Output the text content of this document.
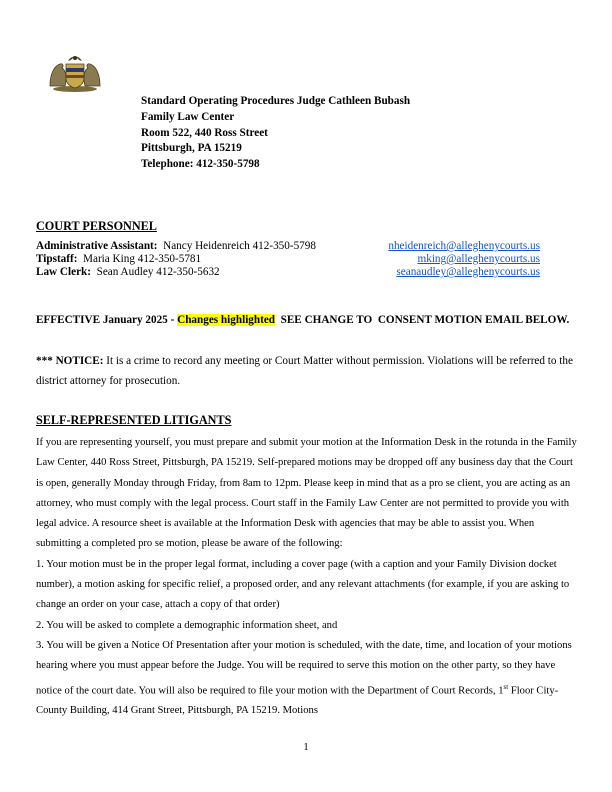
Standard Operating Procedures Judge Cathleen Bubash
Family Law Center
Room 522, 440 Ross Street
Pittsburgh, PA 15219
Telephone: 412-350-5798
COURT PERSONNEL
Administrative Assistant:  Nancy Heidenreich 412-350-5798	nheidenreich@alleghenycourts.us
Tipstaff:  Maria King 412-350-5781	mking@alleghenycourts.us
Law Clerk:  Sean Audley 412-350-5632	seanaudley@alleghenycourts.us
EFFECTIVE January 2025 - Changes highlighted  SEE CHANGE TO  CONSENT MOTION EMAIL BELOW.
*** NOTICE: It is a crime to record any meeting or Court Matter without permission. Violations will be referred to the district attorney for prosecution.
SELF-REPRESENTED LITIGANTS

If you are representing yourself, you must prepare and submit your motion at the Information Desk in the rotunda in the Family Law Center, 440 Ross Street, Pittsburgh, PA 15219. Self-prepared motions may be dropped off any business day that the Court is open, generally Monday through Friday, from 8am to 12pm. Please keep in mind that as a pro se client, you are acting as an attorney, who must comply with the legal process. Court staff in the Family Law Center are not permitted to provide you with legal advice. A resource sheet is available at the Information Desk with agencies that may be able to assist you. When submitting a completed pro se motion, please be aware of the following:

1. Your motion must be in the proper legal format, including a cover page (with a caption and your Family Division docket number), a motion asking for specific relief, a proposed order, and any relevant attachments (for example, if you are asking to change an order on your case, attach a copy of that order)

2. You will be asked to complete a demographic information sheet, and

3. You will be given a Notice Of Presentation after your motion is scheduled, with the date, time, and location of your motions hearing where you must appear before the Judge. You will be required to serve this motion on the other party, so they have notice of the court date. You will also be required to file your motion with the Department of Court Records, 1st Floor City-County Building, 414 Grant Street, Pittsburgh, PA 15219. Motions

1
